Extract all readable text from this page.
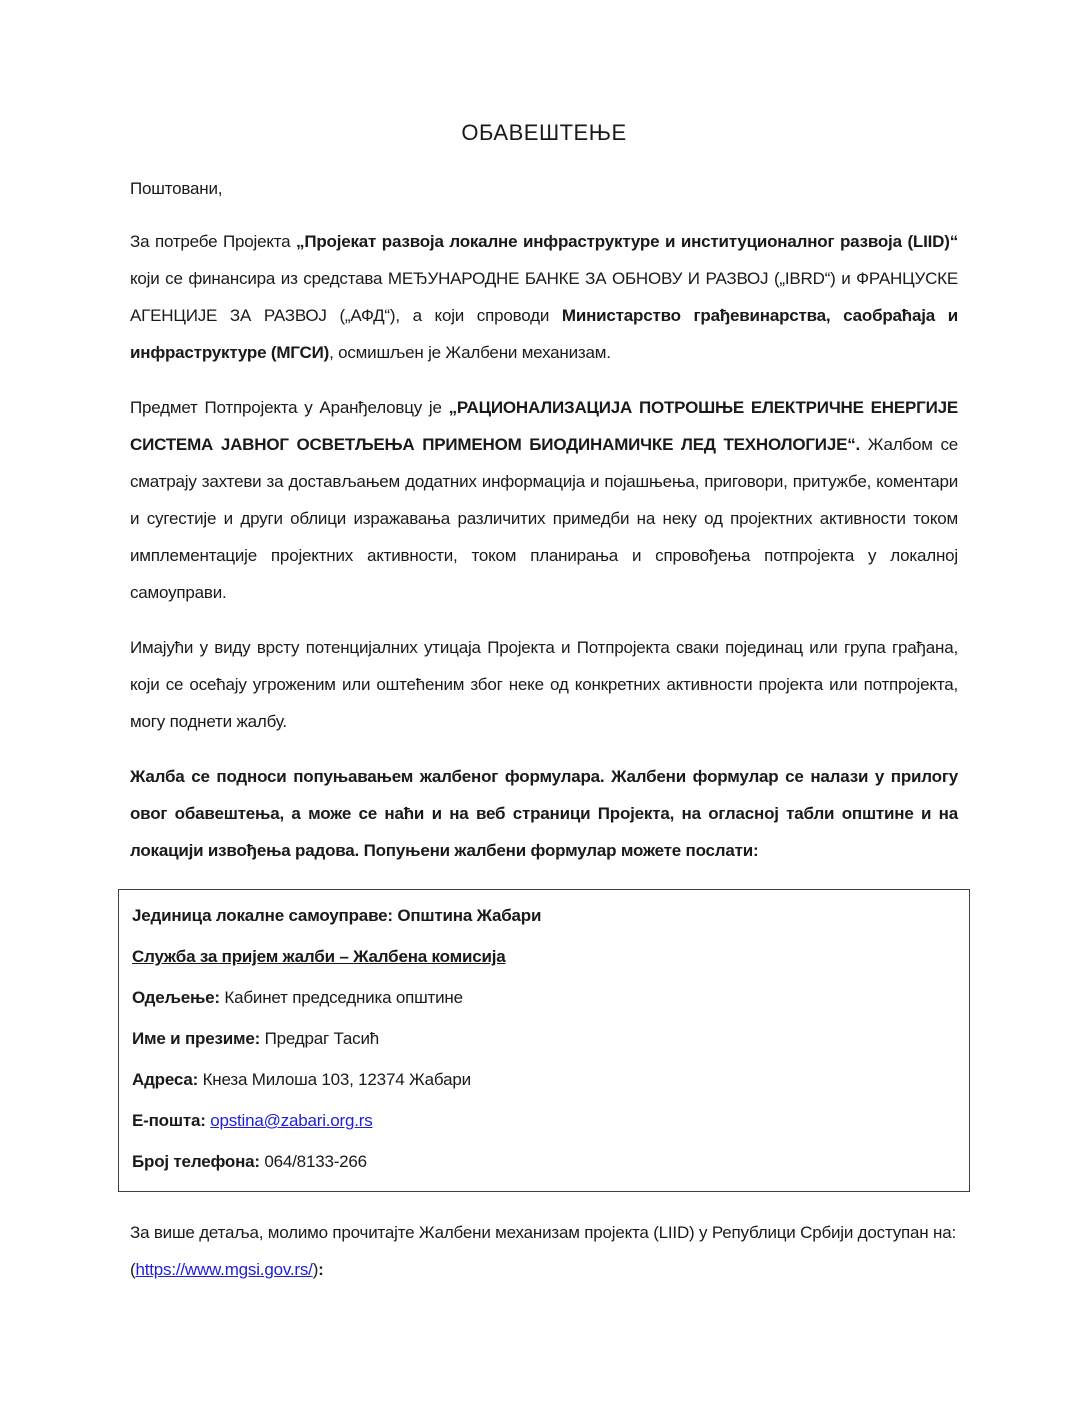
ОБАВЕШТЕЊЕ

Поштовани,

За потребе Пројекта „Пројекат развоја локалне инфраструктуре и институционалног развоја (LIID)“ који се финансира из средстава МЕЂУНАРОДНЕ БАНКЕ ЗА ОБНОВУ И РАЗВОЈ („IBRD“) и ФРАНЦУСКЕ АГЕНЦИЈЕ ЗА РАЗВОЈ („АФД“), а који спроводи Министарство грађевинарства, саобраћаја и инфраструктуре (МГСИ), осмишљен је Жалбени механизам.

Предмет Потпројекта у Аранђеловцу је „РАЦИОНАЛИЗАЦИЈА ПОТРОШЊЕ ЕЛЕКТРИЧНЕ ЕНЕРГИЈЕ СИСТЕМА ЈАВНОГ ОСВЕТЉЕЊА ПРИМЕНОМ БИОДИНАМИЧКЕ ЛЕД ТЕХНОЛОГИЈЕ“. Жалбом се сматрају захтеви за достављањем додатних информација и појашњења, приговори, притужбе, коментари и сугестије и други облици изражавања различитих примедби на неку од пројектних активности током имплементације пројектних активности, током планирања и спровођења потпројекта у локалној самоуправи.

Имајући у виду врсту потенцијалних утицаја Пројекта и Потпројекта сваки појединац или група грађана, који се осећају угроженим или оштећеним због неке од конкретних активности пројекта или потпројекта, могу поднети жалбу.

Жалба се подноси попуњавањем жалбеног формулара. Жалбени формулар се налази у прилогу овог обавештења, а може се наћи и на веб страници Пројекта, на огласној табли општине и на локацији извођења радова. Попуњени жалбени формулар можете послати:

Јединица локалне самоуправе: Општина Жабари

Служба за пријем жалби – Жалбена комисија

Одељење: Кабинет председника општине

Име и презиме: Предраг Тасић

Адреса: Кнеза Милоша 103, 12374 Жабари

Е-пошта: opstina@zabari.org.rs

Број телефона: 064/8133-266

За више детаља, молимо прочитајте Жалбени механизам пројекта (LIID) у Републици Србији доступан на: (https://www.mgsi.gov.rs/):
